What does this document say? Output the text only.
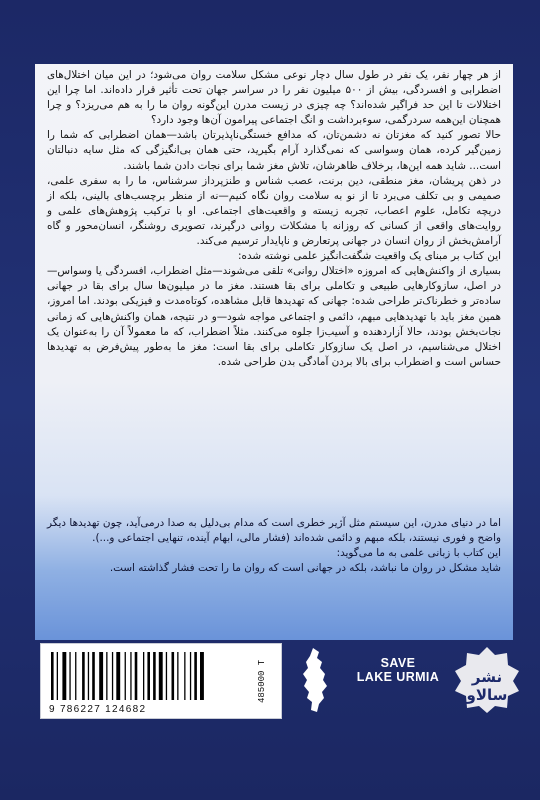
از هر چهار نفر، یک نفر در طول سال دچار نوعی مشکل سلامت روان می‌شود؛ در این میان اختلال‌های اضطرابی و افسردگی، بیش از ۵۰۰ میلیون نفر را در سراسر جهان تحت تأثیر قرار داده‌اند. اما چرا این اختلالات تا این حد فراگیر شده‌اند؟ چه چیزی در زیست مدرن این‌گونه روان ما را به هم می‌ریزد؟ و چرا همچنان این‌همه سردرگمی، سوءبرداشت و انگ اجتماعی پیرامون آن‌ها وجود دارد؟

حالا تصور کنید که مغزتان نه دشمن‌تان، که مدافع خستگی‌ناپذیرتان باشد—همان اضطرابی که شما را زمین‌گیر کرده، همان وسواسی که نمی‌گذارد آرام بگیرید، حتی همان بی‌انگیزگی که مثل سایه دنبالتان است... شاید همه این‌ها، برخلاف ظاهرشان، تلاش مغز شما برای نجات دادن شما باشند.

در ذهن پریشان، مغز منطقی، دین برنت، عصب شناس و طنزپرداز سرشناس، ما را به سفری علمی، صمیمی و بی تکلف می‌برد تا از نو به سلامت روان نگاه کنیم—نه از منظر برچسب‌های بالینی، بلکه از دریچه تکامل، علوم اعصاب، تجربه زیسته و واقعیت‌های اجتماعی. او با ترکیب پژوهش‌های علمی و روایت‌های واقعی از کسانی که روزانه با مشکلات روانی درگیرند، تصویری روشنگر، انسان‌محور و گاه آرامش‌بخش از روان انسان در جهانی پرتعارض و ناپایدار ترسیم می‌کند.

این کتاب بر مبنای یک واقعیت شگفت‌انگیز علمی نوشته شده:

بسیاری از واکنش‌هایی که امروزه «اختلال روانی» تلقی می‌شوند—مثل اضطراب، افسردگی یا وسواس—در اصل، سازوکارهایی طبیعی و تکاملی برای بقا هستند. مغز ما در میلیون‌ها سال برای بقا در جهانی ساده‌تر و خطرناک‌تر طراحی شده: جهانی که تهدیدها قابل مشاهده، کوتاه‌مدت و فیزیکی بودند. اما امروز، همین مغز باید با تهدیدهایی مبهم، دائمی و اجتماعی مواجه شود—و در نتیجه، همان واکنش‌هایی که زمانی نجات‌بخش بودند، حالا آزاردهنده و آسیب‌زا جلوه می‌کنند. مثلاً اضطراب، که ما معمولاً آن را به‌عنوان یک اختلال می‌شناسیم، در اصل یک سازوکار تکاملی برای بقا است: مغز ما به‌طور پیش‌فرض به تهدیدها حساس است و اضطراب برای بالا بردن آمادگی بدن طراحی شده.

اما در دنیای مدرن، این سیستم مثل آژیر خطری است که مدام بی‌دلیل به صدا درمی‌آید، چون تهدیدها دیگر واضح و فوری نیستند، بلکه مبهم و دائمی شده‌اند (فشار مالی، ابهام آینده، تنهایی اجتماعی و...).

این کتاب با زبانی علمی به ما می‌گوید:

شاید مشکل در روان ما نباشد، بلکه در جهانی است که روان ما را تحت فشار گذاشته است.

9 786227 124682
485000 T	SAVE
LAKE URMIA	نشر سالاو
